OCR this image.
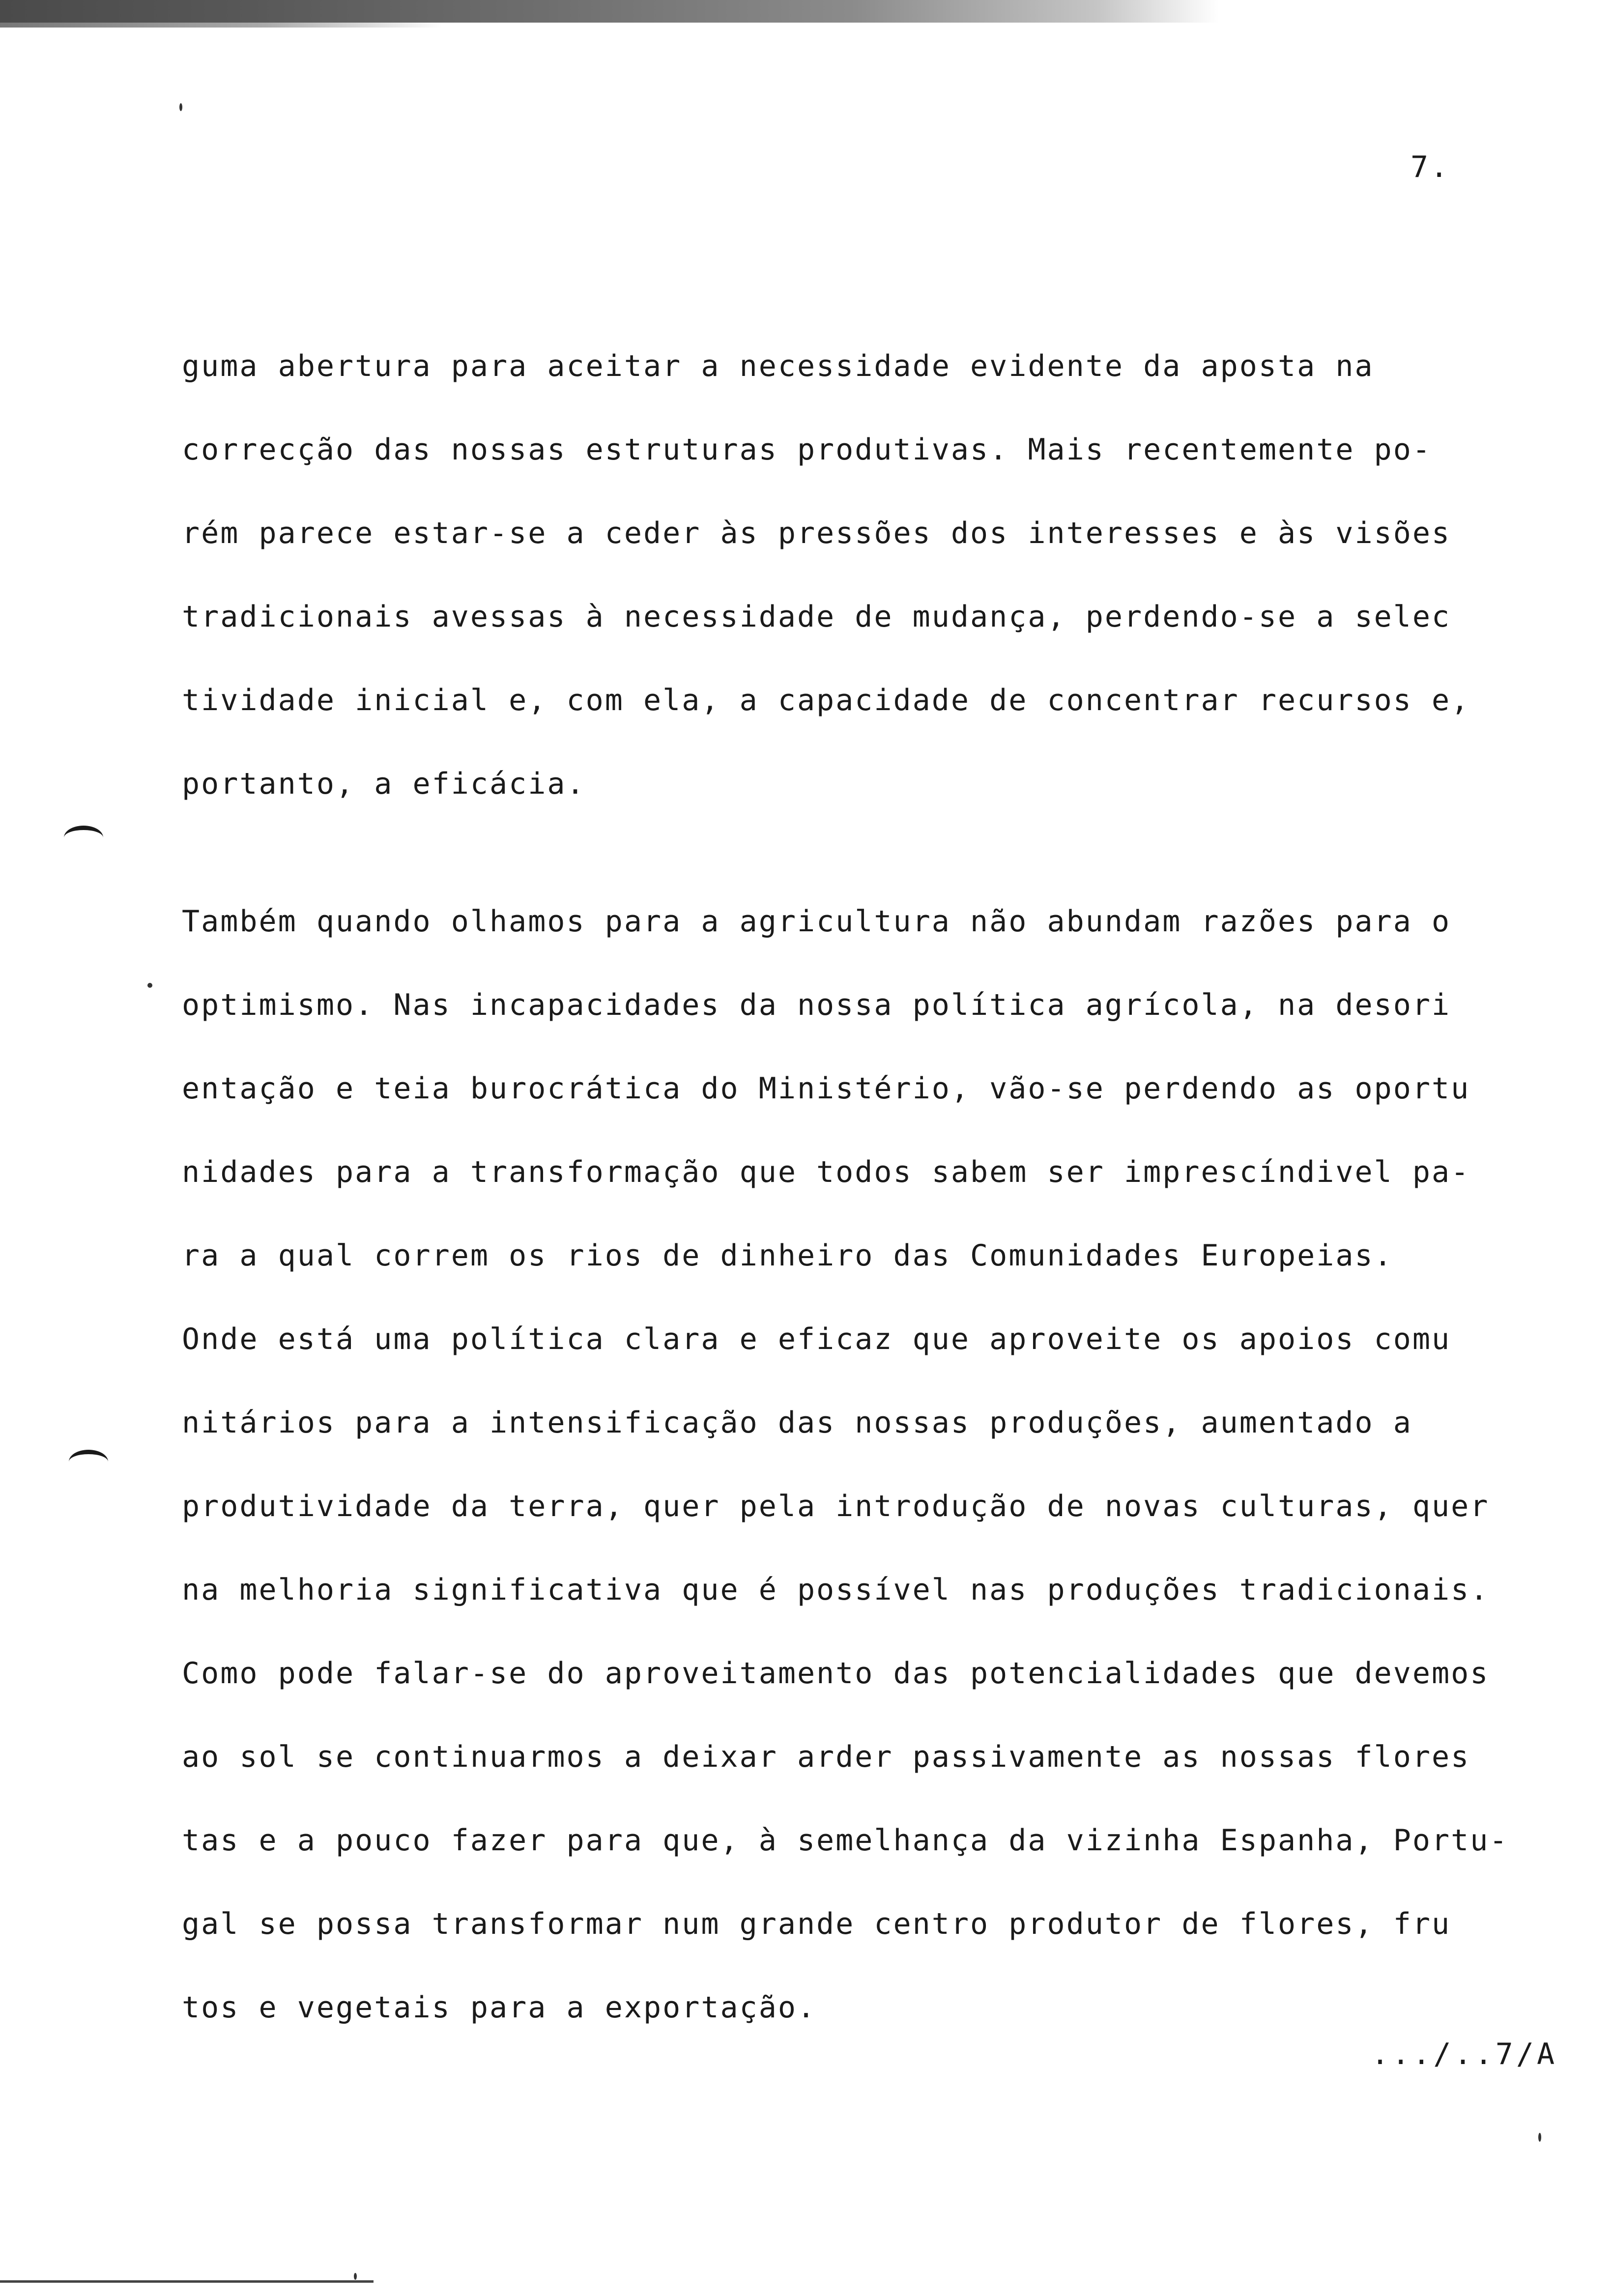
7.
guma abertura para aceitar a necessidade evidente da aposta na
correcção das nossas estruturas produtivas. Mais recentemente po-
rém parece estar-se a ceder às pressões dos interesses e às visões
tradicionais avessas à necessidade de mudança, perdendo-se a selec
tividade inicial e, com ela, a capacidade de concentrar recursos e,
portanto, a eficácia.
Também quando olhamos para a agricultura não abundam razões para o
optimismo. Nas incapacidades da nossa política agrícola, na desori
entação e teia burocrática do Ministério, vão-se perdendo as oportu
nidades para a transformação que todos sabem ser imprescíndivel pa-
ra a qual correm os rios de dinheiro das Comunidades Europeias.
Onde está uma política clara e eficaz que aproveite os apoios comu
nitários para a intensificação das nossas produções, aumentado a
produtividade da terra, quer pela introdução de novas culturas, quer
na melhoria significativa que é possível nas produções tradicionais.
Como pode falar-se do aproveitamento das potencialidades que devemos
ao sol se continuarmos a deixar arder passivamente as nossas flores
tas e a pouco fazer para que, à semelhança da vizinha Espanha, Portu-
gal se possa transformar num grande centro produtor de flores, fru
tos e vegetais para a exportação.
.../..7/A
